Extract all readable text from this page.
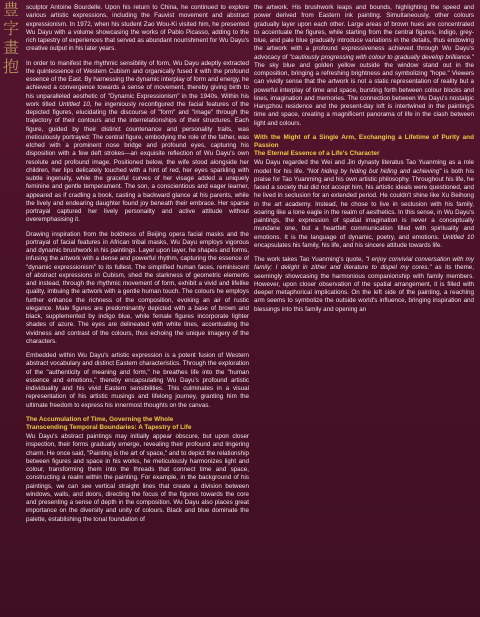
豊字畫抱

sculptor Antoine Bourdelle. Upon his return to China, he continued to explore various artistic expressions, including the Fauvist movement and abstract expressionism. In 1972, when his student Zao Wou-Ki visited him, he presented Wu Dayu with a volume showcasing the works of Pablo Picasso, adding to the rich tapestry of experiences that served as abundant nourishment for Wu Dayu's creative output in his later years.

In order to manifest the rhythmic sensibility of form, Wu Dayu adeptly extracted the quintessence of Western Cubism and organically fused it with the profound essence of the East. By harnessing the dynamic interplay of form and energy, he achieved a convergence towards a sense of movement, thereby giving birth to his unparalleled aesthetic of "Dynamic Expressionism" in the 1940s. Within his work titled Untitled 10, he ingeniously reconfigured the facial features of the depicted figures, elucidating the discourse of "form" and "image" through the trajectory of their contours and the interrelationships of their structures. Each figure, guided by their distinct countenance and personality traits, was meticulously portrayed: The central figure, embodying the role of the father, was etched with a prominent nose bridge and profound eyes, capturing his disposition with a few deft strokes—an exquisite reflection of Wu Dayu's own resolute and profound image. Positioned below, the wife stood alongside her children, her lips delicately touched with a hint of red, her eyes sparkling with subtle ingenuity, while the graceful curves of her visage added a uniquely feminine and gentle temperament. The son, a conscientious and eager learner, appeared as if cradling a book, casting a backward glance at his parents, while the lively and endearing daughter found joy beneath their embrace. Her sparse portrayal captured her lively personality and active attitude without overemphasising it.

Drawing inspiration from the boldness of Beijing opera facial masks and the portrayal of facial features in African tribal masks, Wu Dayu employs vigorous and dynamic brushwork in his paintings. Layer upon layer, he shapes and forms, infusing the artwork with a dense and powerful rhythm, capturing the essence of "dynamic expressionism" to its fullest. The simplified human faces, reminiscent of abstract expressions in Cubism, shed the starkness of geometric elements and instead, through the rhythmic movement of form, exhibit a vivid and lifelike quality, imbuing the artwork with a gentle human touch. The colours he employs further enhance the richness of the composition, evoking an air of rustic elegance. Male figures are predominantly depicted with a base of brown and black, supplemented by indigo blue, while female figures incorporate lighter shades of azure. The eyes are delineated with white lines, accentuating the vividness and contrast of the colours, thus echoing the unique imagery of the characters.

Embedded within Wu Dayu's artistic expression is a potent fusion of Western abstract vocabulary and distinct Eastern characteristics. Through the exploration of the "authenticity of meaning and form," he breathes life into the "human essence and emotions," thereby encapsulating Wu Dayu's profound artistic individuality and his vivid Eastern sensibilities. This culminates in a visual representation of his artistic musings and lifelong journey, granting him the ultimate freedom to express his innermost thoughts on the canvas.

The Accumulation of Time, Governing the Whole
Transcending Temporal Boundaries: A Tapestry of Life

Wu Dayu's abstract paintings may initially appear obscure, but upon closer inspection, their forms gradually emerge, revealing their profound and lingering charm. He once said, "Painting is the art of space," and to depict the relationship between figures and space in his works, he meticulously harmonizes light and colour, transforming them into the threads that connect time and space, constructing a realm within the painting. For example, in the background of his paintings, we can see vertical straight lines that create a division between windows, walls, and doors, directing the focus of the figures towards the core and presenting a sense of depth in the composition. Wu Dayu also places great importance on the diversity and unity of colours. Black and blue dominate the palette, establishing the tonal foundation of

the artwork. His brushwork leaps and bounds, highlighting the speed and power derived from Eastern ink painting. Simultaneously, other colours gradually layer upon each other. Large areas of brown hues are concentrated to accentuate the figures, while starting from the central figures, indigo, grey-blue, and pale blue gradually introduce variations in the details, thus endowing the artwork with a profound expressiveness achieved through Wu Dayu's advocacy of "cautiously progressing with colour to gradually develop brilliance." The sky blue and golden yellow outside the window stand out in the composition, bringing a refreshing brightness and symbolizing "hope." Viewers can vividly sense that the artwork is not a static representation of reality but a powerful interplay of time and space, bursting forth between colour blocks and lines, imagination and memories. The connection between Wu Dayu's nostalgic Hangzhou residence and the present-day loft is intertwined in the painting's time and space, creating a magnificent panorama of life in the clash between light and colours.

With the Might of a Single Arm, Exchanging a Lifetime of Purity and Passion
The Eternal Essence of a Life's Character

Wu Dayu regarded the Wei and Jin dynasty literatus Tao Yuanming as a role model for his life. "Not hiding by hiding but hiding and achieving" is both his praise for Tao Yuanming and his own artistic philosophy. Throughout his life, he faced a society that did not accept him, his artistic ideals were questioned, and he lived in seclusion for an extended period. He couldn't shine like Xu Beihong in the art academy. Instead, he chose to live in seclusion with his family, soaring like a lone eagle in the realm of aesthetics. In this sense, in Wu Dayu's paintings, the expression of spatial imagination is never a conceptually mundane one, but a heartfelt communication filled with spirituality and emotions. It is the language of dynamic, poetry, and emotions. Untitled 10 encapsulates his family, his life, and his sincere attitude towards life.

The work takes Tao Yuanming's quote, "I enjoy convivial conversation with my family; I delight in zither and literature to dispel my cores." as its theme, seemingly showcasing the harmonious companionship with family members. However, upon closer observation of the spatial arrangement, it is filled with deeper metaphorical implications. On the left side of the painting, a reaching arm seems to symbolize the outside world's influence, bringing inspiration and blessings into this family and opening an
